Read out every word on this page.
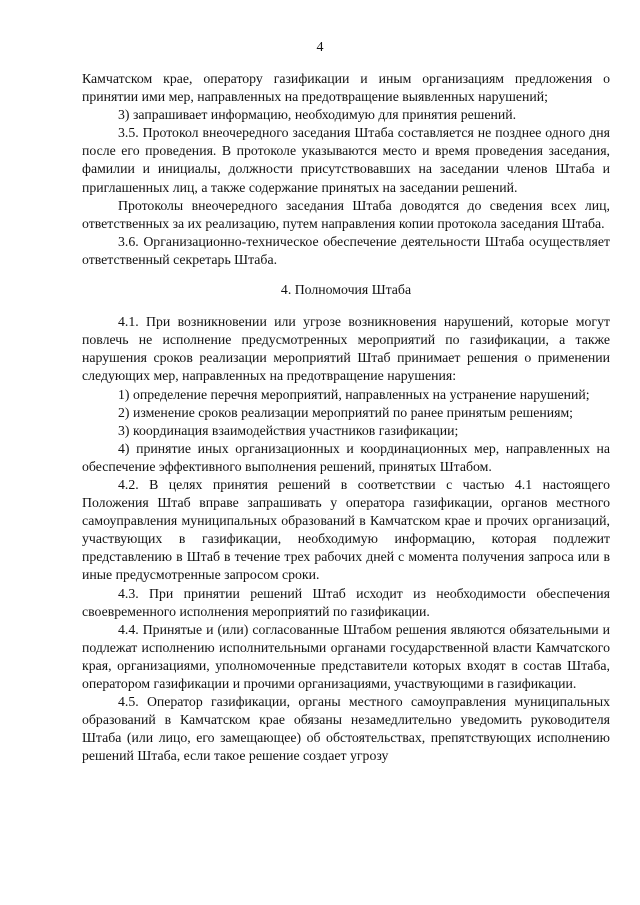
4

Камчатском крае, оператору газификации и иным организациям предложения о принятии ими мер, направленных на предотвращение выявленных нарушений;

3) запрашивает информацию, необходимую для принятия решений.

3.5. Протокол внеочередного заседания Штаба составляется не позднее одного дня после его проведения. В протоколе указываются место и время проведения заседания, фамилии и инициалы, должности присутствовавших на заседании членов Штаба и приглашенных лиц, а также содержание принятых на заседании решений.

Протоколы внеочередного заседания Штаба доводятся до сведения всех лиц, ответственных за их реализацию, путем направления копии протокола заседания Штаба.

3.6. Организационно-техническое обеспечение деятельности Штаба осуществляет ответственный секретарь Штаба.

4. Полномочия Штаба

4.1. При возникновении или угрозе возникновения нарушений, которые могут повлечь не исполнение предусмотренных мероприятий по газификации, а также нарушения сроков реализации мероприятий Штаб принимает решения о применении следующих мер, направленных на предотвращение нарушения:

1) определение перечня мероприятий, направленных на устранение нарушений;

2) изменение сроков реализации мероприятий по ранее принятым решениям;

3) координация взаимодействия участников газификации;

4) принятие иных организационных и координационных мер, направленных на обеспечение эффективного выполнения решений, принятых Штабом.

4.2. В целях принятия решений в соответствии с частью 4.1 настоящего Положения Штаб вправе запрашивать у оператора газификации, органов местного самоуправления муниципальных образований в Камчатском крае и прочих организаций, участвующих в газификации, необходимую информацию, которая подлежит представлению в Штаб в течение трех рабочих дней с момента получения запроса или в иные предусмотренные запросом сроки.

4.3. При принятии решений Штаб исходит из необходимости обеспечения своевременного исполнения мероприятий по газификации.

4.4. Принятые и (или) согласованные Штабом решения являются обязательными и подлежат исполнению исполнительными органами государственной власти Камчатского края, организациями, уполномоченные представители которых входят в состав Штаба, оператором газификации и прочими организациями, участвующими в газификации.

4.5. Оператор газификации, органы местного самоуправления муниципальных образований в Камчатском крае обязаны незамедлительно уведомить руководителя Штаба (или лицо, его замещающее) об обстоятельствах, препятствующих исполнению решений Штаба, если такое решение создает угрозу
